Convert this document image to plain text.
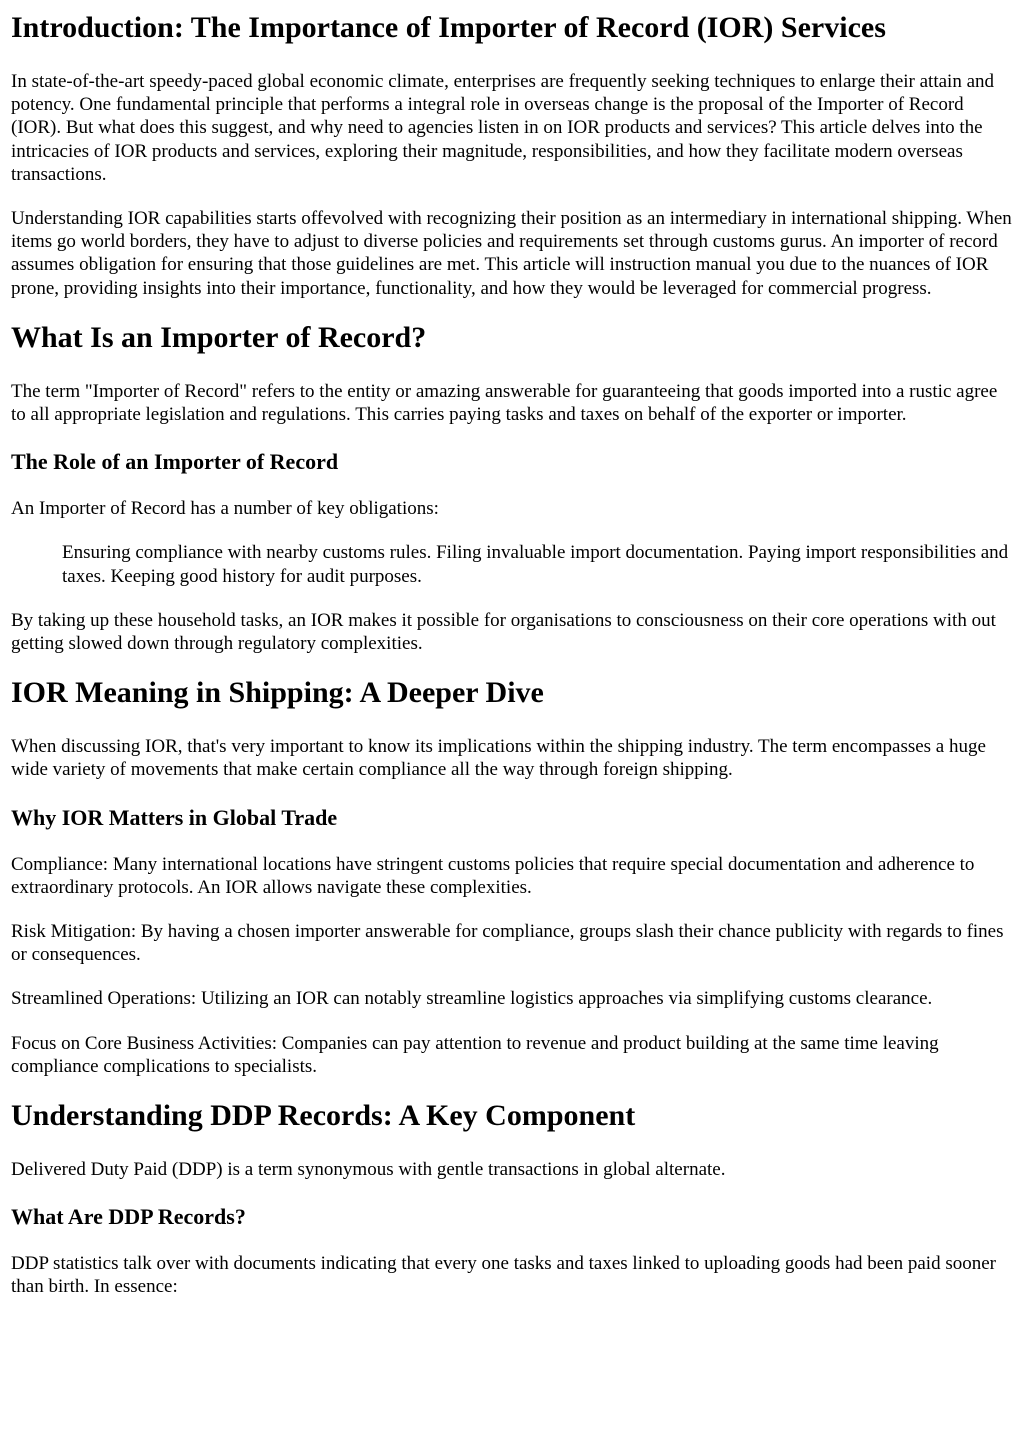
Introduction: The Importance of Importer of Record (IOR) Services

In state-of-the-art speedy-paced global economic climate, enterprises are frequently seeking techniques to enlarge their attain and potency. One fundamental principle that performs a integral role in overseas change is the proposal of the Importer of Record (IOR). But what does this suggest, and why need to agencies listen in on IOR products and services? This article delves into the intricacies of IOR products and services, exploring their magnitude, responsibilities, and how they facilitate modern overseas transactions.

Understanding IOR capabilities starts offevolved with recognizing their position as an intermediary in international shipping. When items go world borders, they have to adjust to diverse policies and requirements set through customs gurus. An importer of record assumes obligation for ensuring that those guidelines are met. This article will instruction manual you due to the nuances of IOR prone, providing insights into their importance, functionality, and how they would be leveraged for commercial progress.

What Is an Importer of Record?

The term "Importer of Record" refers to the entity or amazing answerable for guaranteeing that goods imported into a rustic agree to all appropriate legislation and regulations. This carries paying tasks and taxes on behalf of the exporter or importer.

The Role of an Importer of Record

An Importer of Record has a number of key obligations:

Ensuring compliance with nearby customs rules. Filing invaluable import documentation. Paying import responsibilities and taxes. Keeping good history for audit purposes.

By taking up these household tasks, an IOR makes it possible for organisations to consciousness on their core operations with out getting slowed down through regulatory complexities.

IOR Meaning in Shipping: A Deeper Dive

When discussing IOR, that's very important to know its implications within the shipping industry. The term encompasses a huge wide variety of movements that make certain compliance all the way through foreign shipping.

Why IOR Matters in Global Trade

Compliance: Many international locations have stringent customs policies that require special documentation and adherence to extraordinary protocols. An IOR allows navigate these complexities.

Risk Mitigation: By having a chosen importer answerable for compliance, groups slash their chance publicity with regards to fines or consequences.

Streamlined Operations: Utilizing an IOR can notably streamline logistics approaches via simplifying customs clearance.

Focus on Core Business Activities: Companies can pay attention to revenue and product building at the same time leaving compliance complications to specialists.

Understanding DDP Records: A Key Component

Delivered Duty Paid (DDP) is a term synonymous with gentle transactions in global alternate.

What Are DDP Records?

DDP statistics talk over with documents indicating that every one tasks and taxes linked to uploading goods had been paid sooner than birth. In essence:
